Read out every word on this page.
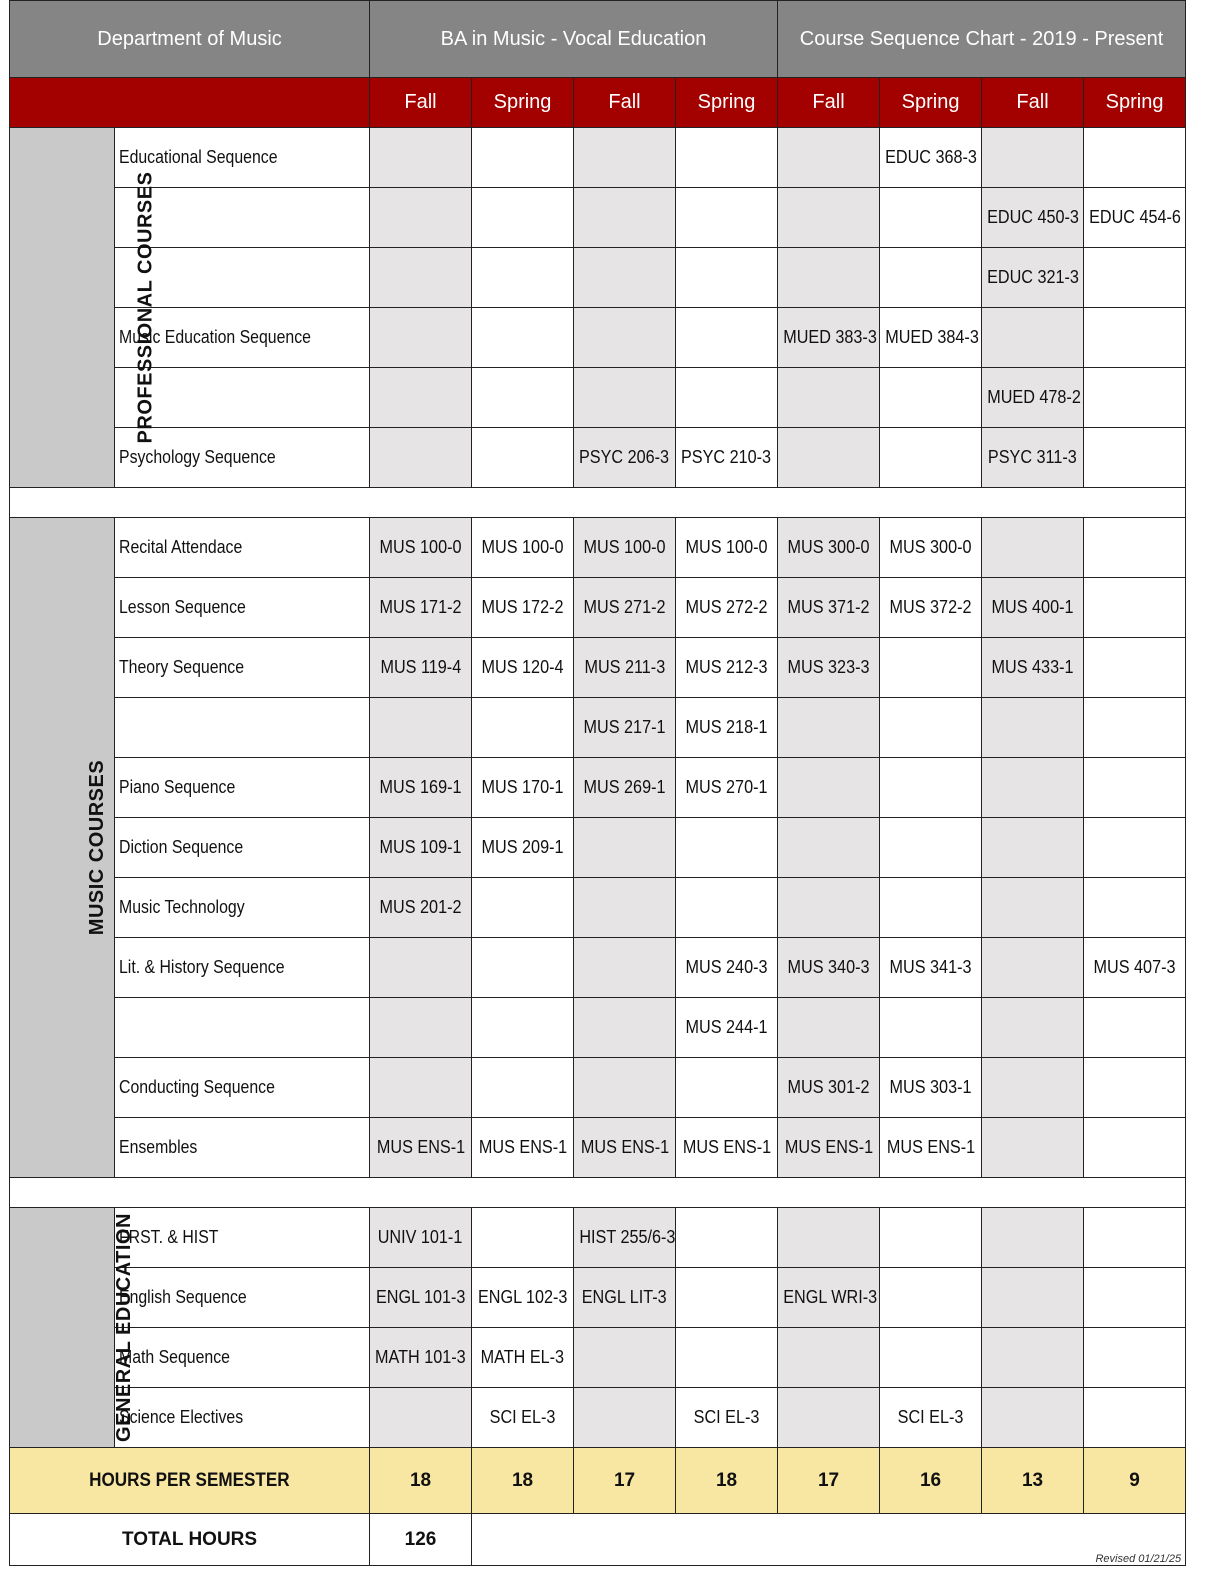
Department of Music		BA in Music - Vocal Education				Course Sequence Chart - 2019 - Present			
		Fall	Spring	Fall	Spring	Fall	Spring	Fall	Spring
PROFESSIONAL COURSES	Educational Sequence						EDUC 368-3		
								EDUC 450-3	EDUC 454-6
								EDUC 321-3	
	Music Education Sequence					MUED 383-3	MUED 384-3		
								MUED 478-2	
	Psychology Sequence			PSYC 206-3	PSYC 210-3			PSYC 311-3	

MUSIC COURSES	Recital Attendace	MUS 100-0	MUS 100-0	MUS 100-0	MUS 100-0	MUS 300-0	MUS 300-0		
	Lesson Sequence	MUS 171-2	MUS 172-2	MUS 271-2	MUS 272-2	MUS 371-2	MUS 372-2	MUS 400-1	
	Theory Sequence	MUS 119-4	MUS 120-4	MUS 211-3	MUS 212-3	MUS 323-3		MUS 433-1	
				MUS 217-1	MUS 218-1				
	Piano Sequence	MUS 169-1	MUS 170-1	MUS 269-1	MUS 270-1				
	Diction Sequence	MUS 109-1	MUS 209-1						
	Music Technology	MUS 201-2							
	Lit. & History Sequence				MUS 240-3	MUS 340-3	MUS 341-3		MUS 407-3
					MUS 244-1				
	Conducting Sequence					MUS 301-2	MUS 303-1		
	Ensembles	MUS ENS-1	MUS ENS-1	MUS ENS-1	MUS ENS-1	MUS ENS-1	MUS ENS-1		

GENERAL EDUCATION	FRST. & HIST	UNIV 101-1		HIST 255/6-3					
	English Sequence	ENGL 101-3	ENGL 102-3	ENGL LIT-3		ENGL WRI-3			
	Math Sequence	MATH 101-3	MATH EL-3						
	Science Electives		SCI EL-3		SCI EL-3		SCI EL-3		
HOURS PER SEMESTER		18	18	17	18	17	16	13	9
TOTAL HOURS		126	Revised 01/21/25						
